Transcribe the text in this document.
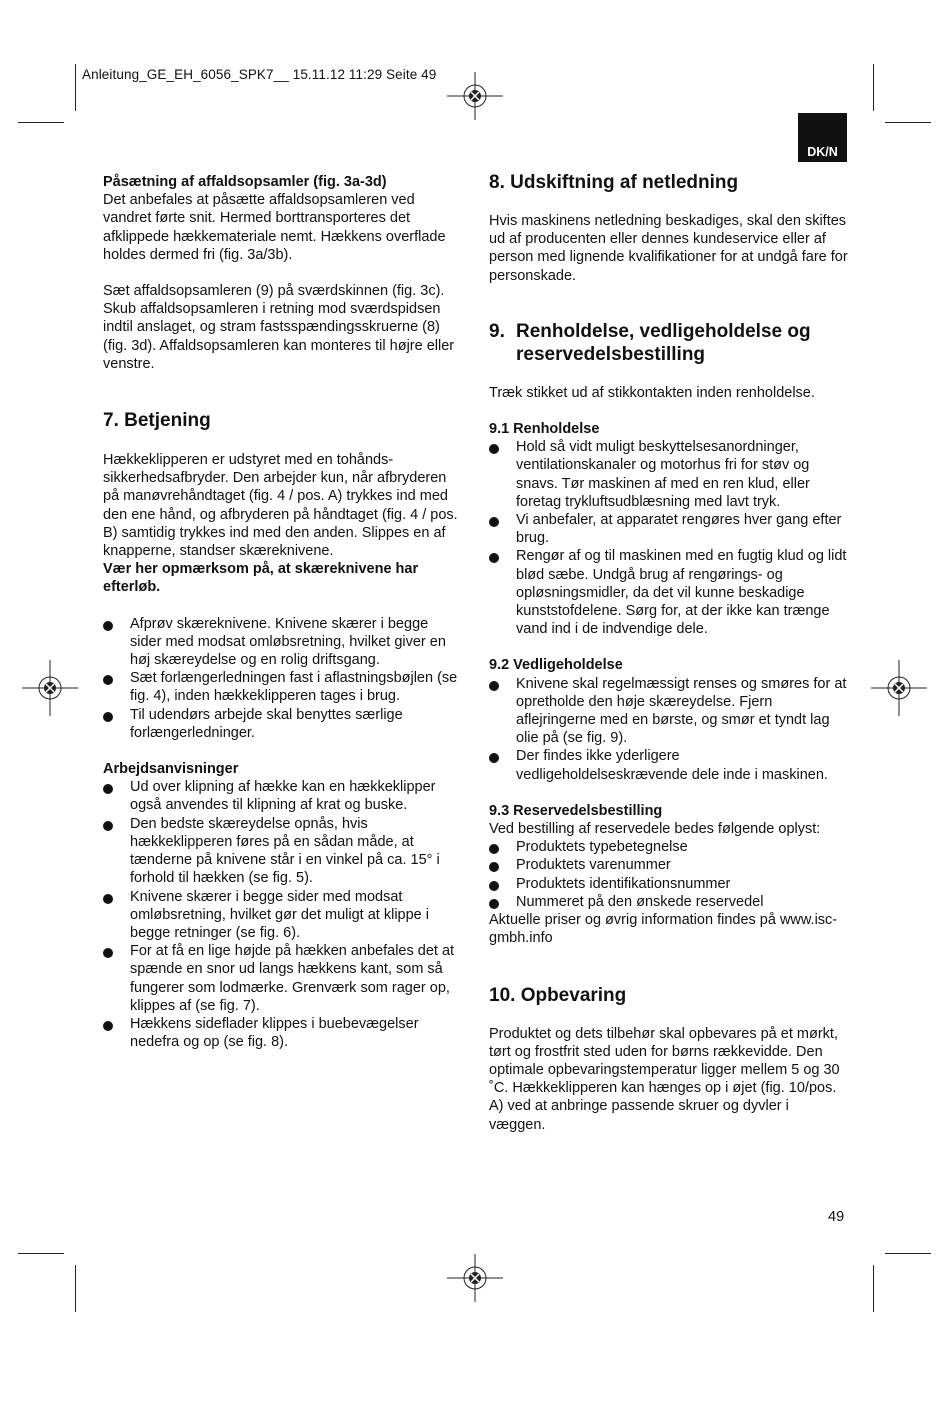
Anleitung_GE_EH_6056_SPK7__ 15.11.12 11:29 Seite 49
DK/N

Påsætning af affaldsopsamler (fig. 3a-3d)

Det anbefales at påsætte affaldsopsamleren ved vandret førte snit. Hermed borttransporteres det afklippede hækkemateriale nemt. Hækkens overflade holdes dermed fri (fig. 3a/3b).

Sæt affaldsopsamleren (9) på sværdskinnen (fig. 3c). Skub affaldsopsamleren i retning mod sværdspidsen indtil anslaget, og stram fastsspændingsskruerne (8) (fig. 3d). Affaldsopsamleren kan monteres til højre eller venstre.

7. Betjening

Hækkeklipperen er udstyret med en tohånds-sikkerhedsafbryder. Den arbejder kun, når afbryderen på manøvrehåndtaget (fig. 4 / pos. A) trykkes ind med den ene hånd, og afbryderen på håndtaget (fig. 4 / pos. B) samtidig trykkes ind med den anden. Slippes en af knapperne, standser skæreknivene.

Vær her opmærksom på, at skæreknivene har efterløb.

Afprøv skæreknivene. Knivene skærer i begge sider med modsat omløbsretning, hvilket giver en høj skæreydelse og en rolig driftsgang.
Sæt forlængerledningen fast i aflastningsbøjlen (se fig. 4), inden hækkeklipperen tages i brug.
Til udendørs arbejde skal benyttes særlige forlængerledninger.

Arbejdsanvisninger

Ud over klipning af hække kan en hækkeklipper også anvendes til klipning af krat og buske.
Den bedste skæreydelse opnås, hvis hækkeklipperen føres på en sådan måde, at tænderne på knivene står i en vinkel på ca. 15° i forhold til hækken (se fig. 5).
Knivene skærer i begge sider med modsat omløbsretning, hvilket gør det muligt at klippe i begge retninger (se fig. 6).
For at få en lige højde på hækken anbefales det at spænde en snor ud langs hækkens kant, som så fungerer som lodmærke. Grenværk som rager op, klippes af (se fig. 7).
Hækkens sideflader klippes i buebevægelser nedefra og op (se fig. 8).

8. Udskiftning af netledning

Hvis maskinens netledning beskadiges, skal den skiftes ud af producenten eller dennes kundeservice eller af person med lignende kvalifikationer for at undgå fare for personskade.

9. Renholdelse, vedligeholdelse og reservedelsbestilling

Træk stikket ud af stikkontakten inden renholdelse.

9.1 Renholdelse

Hold så vidt muligt beskyttelsesanordninger, ventilationskanaler og motorhus fri for støv og snavs. Tør maskinen af med en ren klud, eller foretag trykluftsudblæsning med lavt tryk.
Vi anbefaler, at apparatet rengøres hver gang efter brug.
Rengør af og til maskinen med en fugtig klud og lidt blød sæbe. Undgå brug af rengørings- og opløsningsmidler, da det vil kunne beskadige kunststofdelene. Sørg for, at der ikke kan trænge vand ind i de indvendige dele.

9.2 Vedligeholdelse

Knivene skal regelmæssigt renses og smøres for at opretholde den høje skæreydelse. Fjern aflejringerne med en børste, og smør et tyndt lag olie på (se fig. 9).
Der findes ikke yderligere vedligeholdelseskrævende dele inde i maskinen.

9.3 Reservedelsbestilling

Ved bestilling af reservedele bedes følgende oplyst:

Produktets typebetegnelse
Produktets varenummer
Produktets identifikationsnummer
Nummeret på den ønskede reservedel

Aktuelle priser og øvrig information findes på www.isc-gmbh.info

10. Opbevaring

Produktet og dets tilbehør skal opbevares på et mørkt, tørt og frostfrit sted uden for børns rækkevidde. Den optimale opbevaringstemperatur ligger mellem 5 og 30 ˚C. Hækkeklipperen kan hænges op i øjet (fig. 10/pos. A) ved at anbringe passende skruer og dyvler i væggen.

49
